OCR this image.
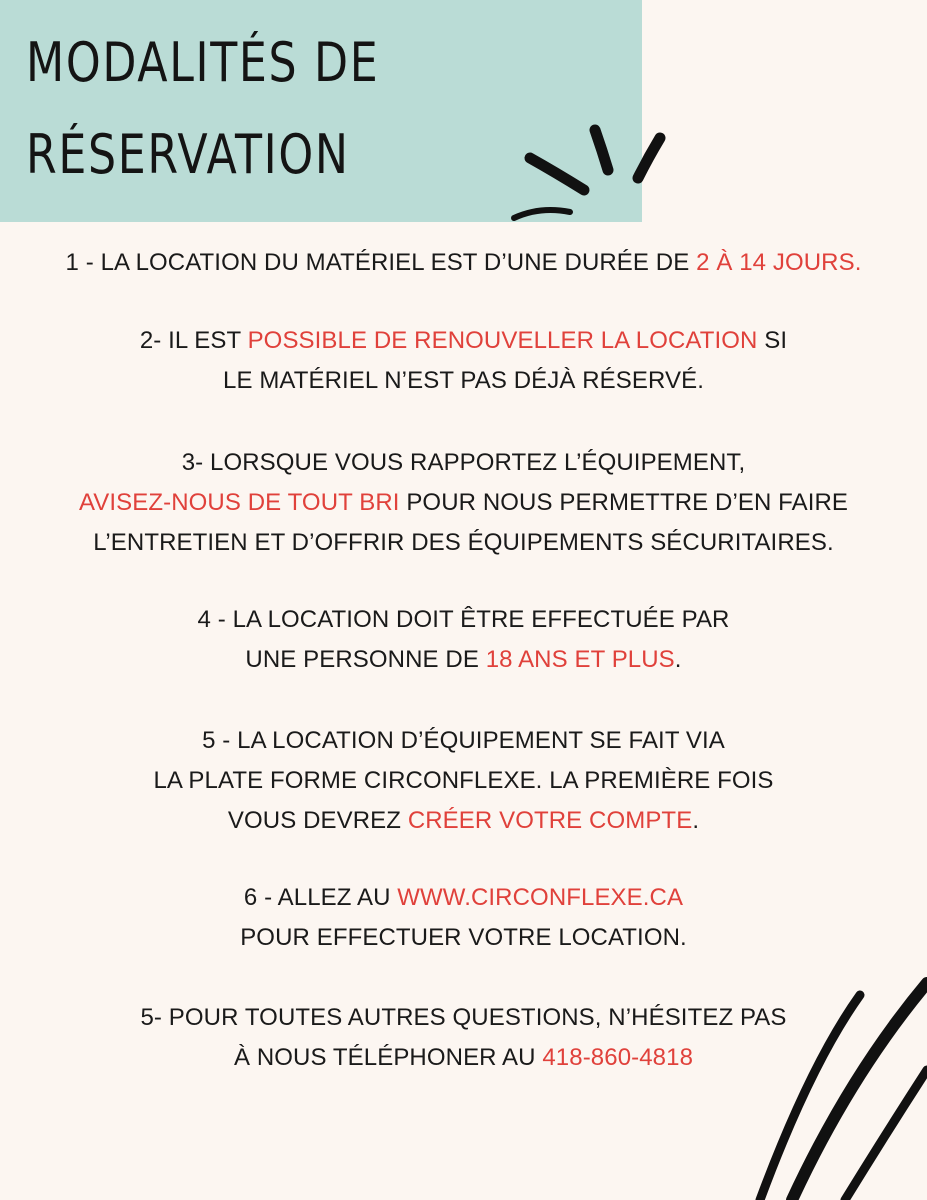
MODALITÉS DE
RÉSERVATION
1 - LA LOCATION DU MATÉRIEL EST D’UNE DURÉE DE 2 À 14 JOURS.
2- IL EST POSSIBLE DE RENOUVELLER LA LOCATION SI
LE MATÉRIEL N’EST PAS DÉJÀ RÉSERVÉ.
3- LORSQUE VOUS RAPPORTEZ L’ÉQUIPEMENT,
AVISEZ-NOUS DE TOUT BRI POUR NOUS PERMETTRE D’EN FAIRE
L’ENTRETIEN ET D’OFFRIR DES ÉQUIPEMENTS SÉCURITAIRES.
4 - LA LOCATION DOIT ÊTRE EFFECTUÉE PAR
UNE PERSONNE DE 18 ANS ET PLUS.
5 - LA LOCATION D’ÉQUIPEMENT SE FAIT VIA
LA PLATE FORME CIRCONFLEXE. LA PREMIÈRE FOIS
VOUS DEVREZ CRÉER VOTRE COMPTE.
6 - ALLEZ AU WWW.CIRCONFLEXE.CA
POUR EFFECTUER VOTRE LOCATION.
5- POUR TOUTES AUTRES QUESTIONS, N’HÉSITEZ PAS
À NOUS TÉLÉPHONER AU 418-860-4818
